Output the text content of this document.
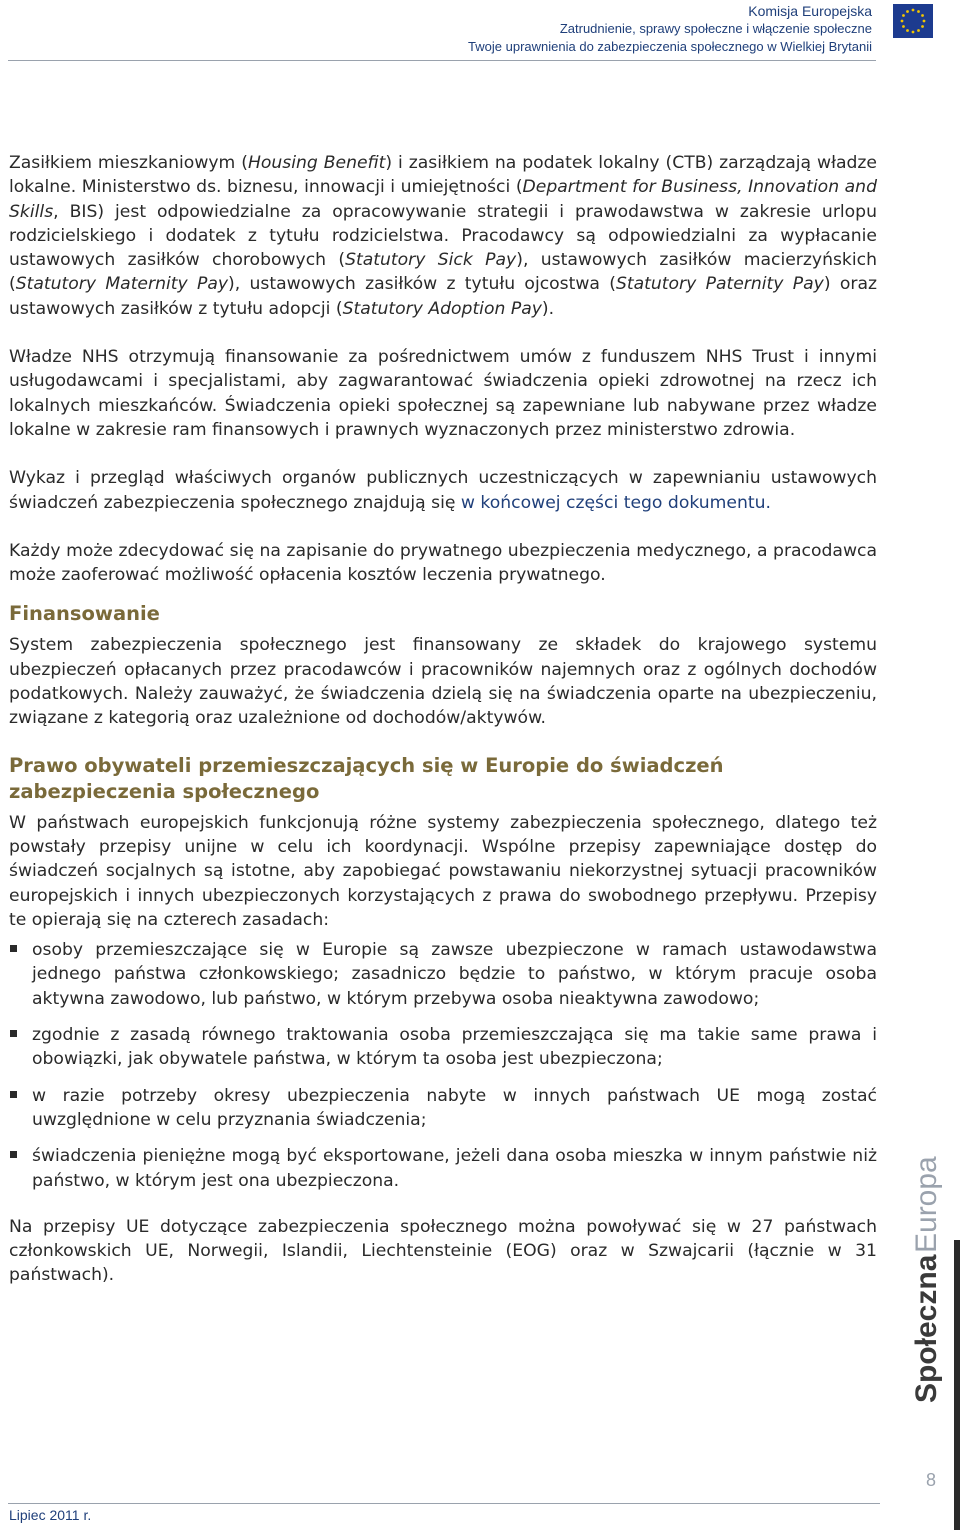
Komisja Europejska
Zatrudnienie, sprawy społeczne i włączenie społeczne
Twoje uprawnienia do zabezpieczenia społecznego w Wielkiej Brytanii

Zasiłkiem mieszkaniowym (Housing Benefit) i zasiłkiem na podatek lokalny (CTB) zarządzają władze lokalne. Ministerstwo ds. biznesu, innowacji i umiejętności (Department for Business, Innovation and Skills, BIS) jest odpowiedzialne za opracowywanie strategii i prawodawstwa w zakresie urlopu rodzicielskiego i dodatek z tytułu rodzicielstwa. Pracodawcy są odpowiedzialni za wypłacanie ustawowych zasiłków chorobowych (Statutory Sick Pay), ustawowych zasiłków macierzyńskich (Statutory Maternity Pay), ustawowych zasiłków z tytułu ojcostwa (Statutory Paternity Pay) oraz ustawowych zasiłków z tytułu adopcji (Statutory Adoption Pay).

Władze NHS otrzymują finansowanie za pośrednictwem umów z funduszem NHS Trust i innymi usługodawcami i specjalistami, aby zagwarantować świadczenia opieki zdrowotnej na rzecz ich lokalnych mieszkańców. Świadczenia opieki społecznej są zapewniane lub nabywane przez władze lokalne w zakresie ram finansowych i prawnych wyznaczonych przez ministerstwo zdrowia.

Wykaz i przegląd właściwych organów publicznych uczestniczących w zapewnianiu ustawowych świadczeń zabezpieczenia społecznego znajdują się w końcowej części tego dokumentu.

Każdy może zdecydować się na zapisanie do prywatnego ubezpieczenia medycznego, a pracodawca może zaoferować możliwość opłacenia kosztów leczenia prywatnego.

Finansowanie

System zabezpieczenia społecznego jest finansowany ze składek do krajowego systemu ubezpieczeń opłacanych przez pracodawców i pracowników najemnych oraz z ogólnych dochodów podatkowych. Należy zauważyć, że świadczenia dzielą się na świadczenia oparte na ubezpieczeniu, związane z kategorią oraz uzależnione od dochodów/aktywów.

Prawo obywateli przemieszczających się w Europie do świadczeń zabezpieczenia społecznego

W państwach europejskich funkcjonują różne systemy zabezpieczenia społecznego, dlatego też powstały przepisy unijne w celu ich koordynacji. Wspólne przepisy zapewniające dostęp do świadczeń socjalnych są istotne, aby zapobiegać powstawaniu niekorzystnej sytuacji pracowników europejskich i innych ubezpieczonych korzystających z prawa do swobodnego przepływu. Przepisy te opierają się na czterech zasadach:

osoby przemieszczające się w Europie są zawsze ubezpieczone w ramach ustawodawstwa jednego państwa członkowskiego; zasadniczo będzie to państwo, w którym pracuje osoba aktywna zawodowo, lub państwo, w którym przebywa osoba nieaktywna zawodowo;
zgodnie z zasadą równego traktowania osoba przemieszczająca się ma takie same prawa i obowiązki, jak obywatele państwa, w którym ta osoba jest ubezpieczona;
w razie potrzeby okresy ubezpieczenia nabyte w innych państwach UE mogą zostać uwzględnione w celu przyznania świadczenia;
świadczenia pieniężne mogą być eksportowane, jeżeli dana osoba mieszka w innym państwie niż państwo, w którym jest ona ubezpieczona.

Na przepisy UE dotyczące zabezpieczenia społecznego można powoływać się w 27 państwach członkowskich UE, Norwegii, Islandii, Liechtensteinie (EOG) oraz w Szwajcarii (łącznie w 31 państwach).	Społeczna
Europa
8
Lipiec 2011 r.
